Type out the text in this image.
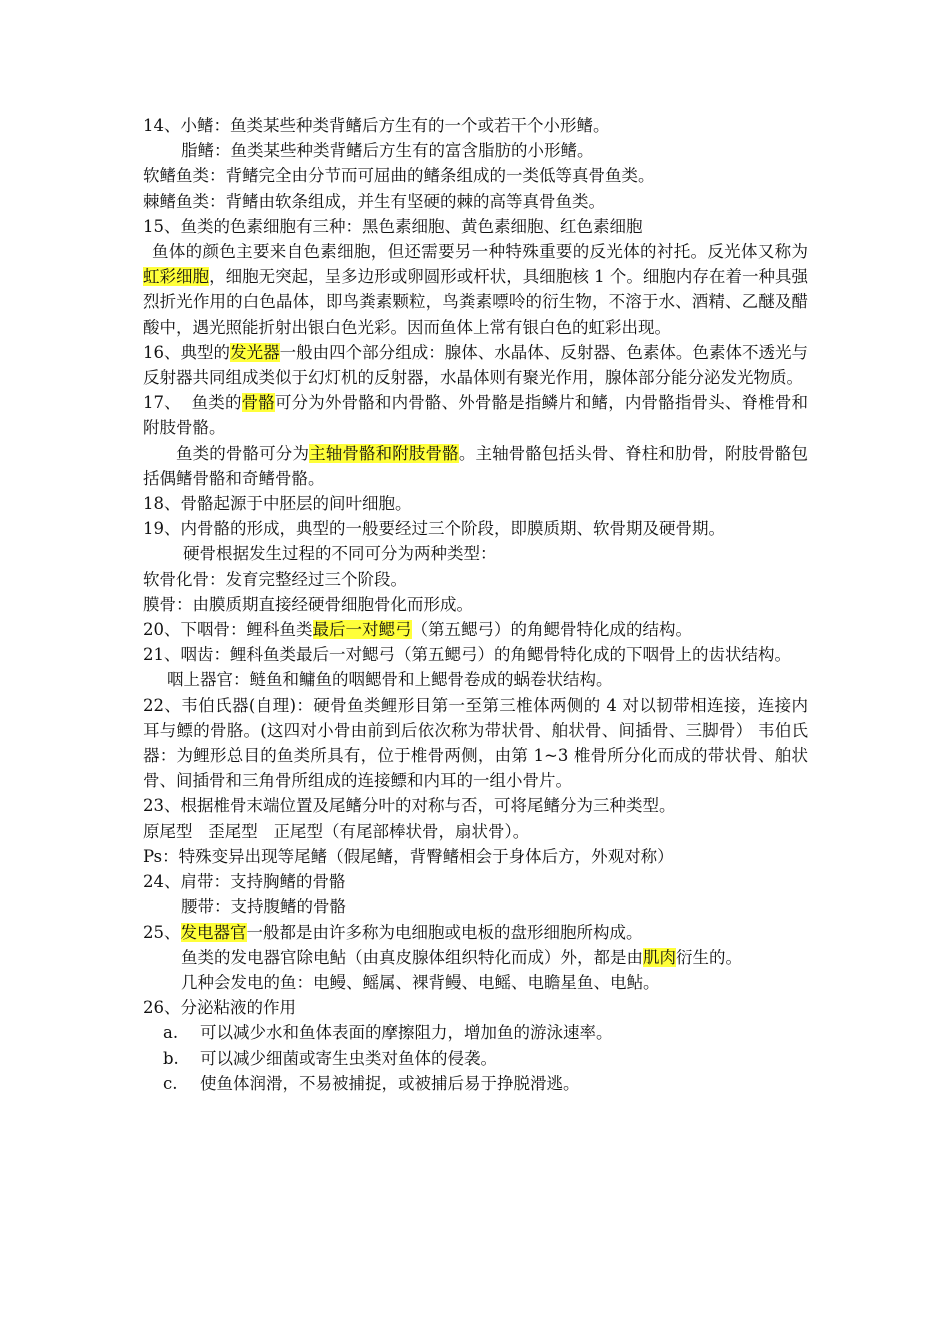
14、小鳍：鱼类某些种类背鳍后方生有的一个或若干个小形鳍。
脂鳍：鱼类某些种类背鳍后方生有的富含脂肪的小形鳍。
软鳍鱼类：背鳍完全由分节而可屈曲的鳍条组成的一类低等真骨鱼类。
棘鳍鱼类：背鳍由软条组成，并生有坚硬的棘的高等真骨鱼类。
15、鱼类的色素细胞有三种：黑色素细胞、黄色素细胞、红色素细胞

鱼体的颜色主要来自色素细胞，但还需要另一种特殊重要的反光体的衬托。反光体又称为虹彩细胞，细胞无突起，呈多边形或卵圆形或杆状，具细胞核 1 个。细胞内存在着一种具强烈折光作用的白色晶体，即鸟粪素颗粒，鸟粪素嘌呤的衍生物，不溶于水、酒精、乙醚及醋酸中，遇光照能折射出银白色光彩。因而鱼体上常有银白色的虹彩出现。

16、典型的发光器一般由四个部分组成：腺体、水晶体、反射器、色素体。色素体不透光与反射器共同组成类似于幻灯机的反射器，水晶体则有聚光作用，腺体部分能分泌发光物质。

17、  鱼类的骨骼可分为外骨骼和内骨骼、外骨骼是指鳞片和鳍，内骨骼指骨头、脊椎骨和附肢骨骼。

鱼类的骨骼可分为主轴骨骼和附肢骨骼。主轴骨骼包括头骨、脊柱和肋骨，附肢骨骼包括偶鳍骨骼和奇鳍骨骼。

18、骨骼起源于中胚层的间叶细胞。
19、内骨骼的形成，典型的一般要经过三个阶段，即膜质期、软骨期及硬骨期。
硬骨根据发生过程的不同可分为两种类型：
软骨化骨：发育完整经过三个阶段。
膜骨：由膜质期直接经硬骨细胞骨化而形成。
20、下咽骨：鲤科鱼类最后一对鳃弓（第五鳃弓）的角鳃骨特化成的结构。

21、咽齿：鲤科鱼类最后一对鳃弓（第五鳃弓）的角鳃骨特化成的下咽骨上的齿状结构。

咽上器官：鲢鱼和鳙鱼的咽鳃骨和上鳃骨卷成的蜗卷状结构。

22、韦伯氏器(自理)：硬骨鱼类鲤形目第一至第三椎体两侧的 4 对以韧带相连接，连接内耳与鳔的骨胳。(这四对小骨由前到后依次称为带状骨、舶状骨、间插骨、三脚骨） 韦伯氏器：为鲤形总目的鱼类所具有，位于椎骨两侧，由第 1~3 椎骨所分化而成的带状骨、舶状骨、间插骨和三角骨所组成的连接鳔和内耳的一组小骨片。

23、根据椎骨末端位置及尾鳍分叶的对称与否，可将尾鳍分为三种类型。
原尾型   歪尾型   正尾型（有尾部棒状骨，扇状骨）。
Ps：特殊变异出现等尾鳍（假尾鳍，背臀鳍相会于身体后方，外观对称）
24、肩带：支持胸鳍的骨骼
腰带：支持腹鳍的骨骼
25、发电器官一般都是由许多称为电细胞或电板的盘形细胞所构成。

鱼类的发电器官除电鲇（由真皮腺体组织特化而成）外，都是由肌肉衍生的。

几种会发电的鱼：电鳗、鳐属、裸背鳗、电鳐、电瞻星鱼、电鲇。
26、分泌粘液的作用
a. 可以减少水和鱼体表面的摩擦阻力，增加鱼的游泳速率。
b. 可以减少细菌或寄生虫类对鱼体的侵袭。
c. 使鱼体润滑，不易被捕捉，或被捕后易于挣脱滑逃。
